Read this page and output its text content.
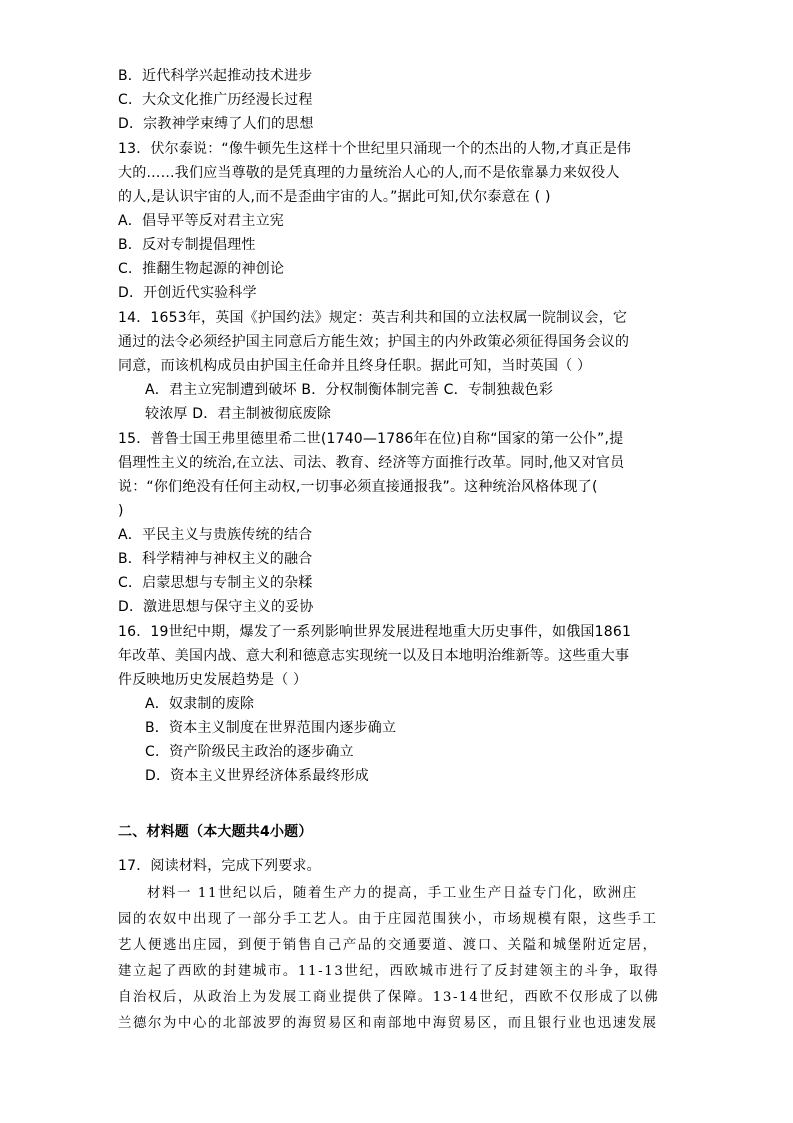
B．近代科学兴起推动技术进步
C．大众文化推广历经漫长过程
D．宗教神学束缚了人们的思想
13．伏尔泰说：“像牛顿先生这样十个世纪里只涌现一个的杰出的人物,才真正是伟
大的……我们应当尊敬的是凭真理的力量统治人心的人,而不是依靠暴力来奴役人
的人,是认识宇宙的人,而不是歪曲宇宙的人。”据此可知,伏尔泰意在 ( )
A．倡导平等反对君主立宪
B．反对专制提倡理性
C．推翻生物起源的神创论
D．开创近代实验科学
14．1653年，英国《护国约法》规定：英吉利共和国的立法权属一院制议会，它
通过的法令必须经护国主同意后方能生效；护国主的内外政策必须征得国务会议的
同意，而该机构成员由护国主任命并且终身任职。据此可知，当时英国（ ）
A．君主立宪制遭到破坏 B．分权制衡体制完善 C．专制独裁色彩
较浓厚 D．君主制被彻底废除
15．普鲁士国王弗里德里希二世(1740—1786年在位)自称“国家的第一公仆”,提
倡理性主义的统治,在立法、司法、教育、经济等方面推行改革。同时,他又对官员
说：“你们绝没有任何主动权,一切事必须直接通报我”。这种统治风格体现了(
)
A．平民主义与贵族传统的结合
B．科学精神与神权主义的融合
C．启蒙思想与专制主义的杂糅
D．激进思想与保守主义的妥协
16．19世纪中期，爆发了一系列影响世界发展进程地重大历史事件，如俄国1861
年改革、美国内战、意大利和德意志实现统一以及日本地明治维新等。这些重大事
件反映地历史发展趋势是（ ）
A．奴隶制的废除
B．资本主义制度在世界范围内逐步确立
C．资产阶级民主政治的逐步确立
D．资本主义世界经济体系最终形成
二、材料题（本大题共4小题）
17．阅读材料，完成下列要求。
材料一 11世纪以后，随着生产力的提高，手工业生产日益专门化，欧洲庄
园的农奴中出现了一部分手工艺人。由于庄园范围狭小，市场规模有限，这些手工
艺人便逃出庄园，到便于销售自己产品的交通要道、渡口、关隘和城堡附近定居，
建立起了西欧的封建城市。11-13世纪，西欧城市进行了反封建领主的斗争，取得
自治权后，从政治上为发展工商业提供了保障。13-14世纪，西欧不仅形成了以佛
兰德尔为中心的北部波罗的海贸易区和南部地中海贸易区，而且银行业也迅速发展
